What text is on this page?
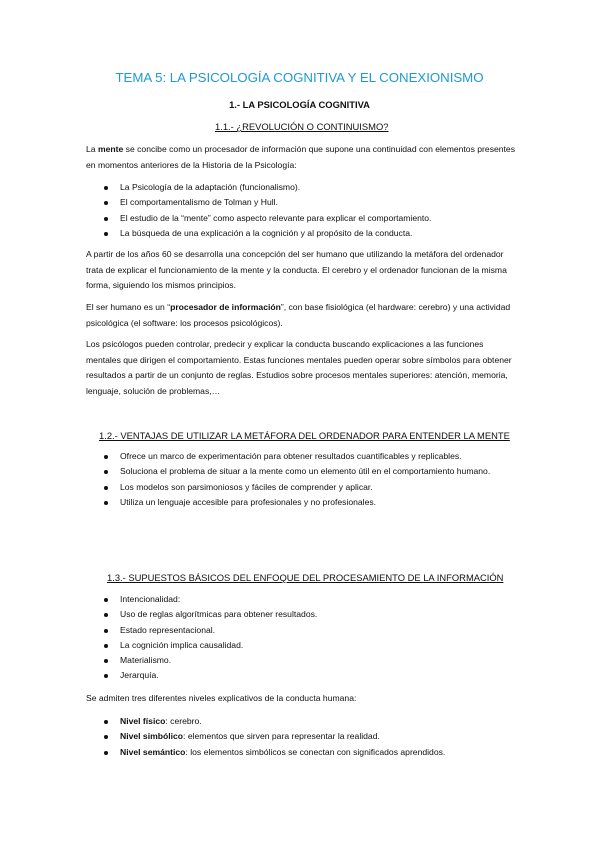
TEMA 5: LA PSICOLOGÍA COGNITIVA Y EL CONEXIONISMO
1.- LA PSICOLOGÍA COGNITIVA
1.1.- ¿REVOLUCIÓN O CONTINUISMO?
La mente se concibe como un procesador de información que supone una continuidad con elementos presentes en momentos anteriores de la Historia de la Psicología:
La Psicología de la adaptación (funcionalismo).
El comportamentalismo de Tolman y Hull.
El estudio de la “mente” como aspecto relevante para explicar el comportamiento.
La búsqueda de una explicación a la cognición y al propósito de la conducta.
A partir de los años 60 se desarrolla una concepción del ser humano que utilizando la metáfora del ordenador trata de explicar el funcionamiento de la mente y la conducta. El cerebro y el ordenador funcionan de la misma forma, siguiendo los mismos principios.
El ser humano es un “procesador de información”, con base fisiológica (el hardware: cerebro) y una actividad psicológica (el software: los procesos psicológicos).
Los psicólogos pueden controlar, predecir y explicar la conducta buscando explicaciones a las funciones mentales que dirigen el comportamiento. Estas funciones mentales pueden operar sobre símbolos para obtener resultados a partir de un conjunto de reglas. Estudios sobre procesos mentales superiores: atención, memoria, lenguaje, solución de problemas,…
1.2.- VENTAJAS DE UTILIZAR LA METÁFORA DEL ORDENADOR PARA ENTENDER LA MENTE
Ofrece un marco de experimentación para obtener resultados cuantificables y replicables.
Soluciona el problema de situar a la mente como un elemento útil en el comportamiento humano.
Los modelos son parsimoniosos y fáciles de comprender y aplicar.
Utiliza un lenguaje accesible para profesionales y no profesionales.
1.3.- SUPUESTOS BÁSICOS DEL ENFOQUE DEL PROCESAMIENTO DE LA INFORMACIÓN
Intencionalidad:
Uso de reglas algorítmicas para obtener resultados.
Estado representacional.
La cognición implica causalidad.
Materialismo.
Jerarquía.
Se admiten tres diferentes niveles explicativos de la conducta humana:
Nivel físico: cerebro.
Nivel simbólico: elementos que sirven para representar la realidad.
Nivel semántico: los elementos simbólicos se conectan con significados aprendidos.
